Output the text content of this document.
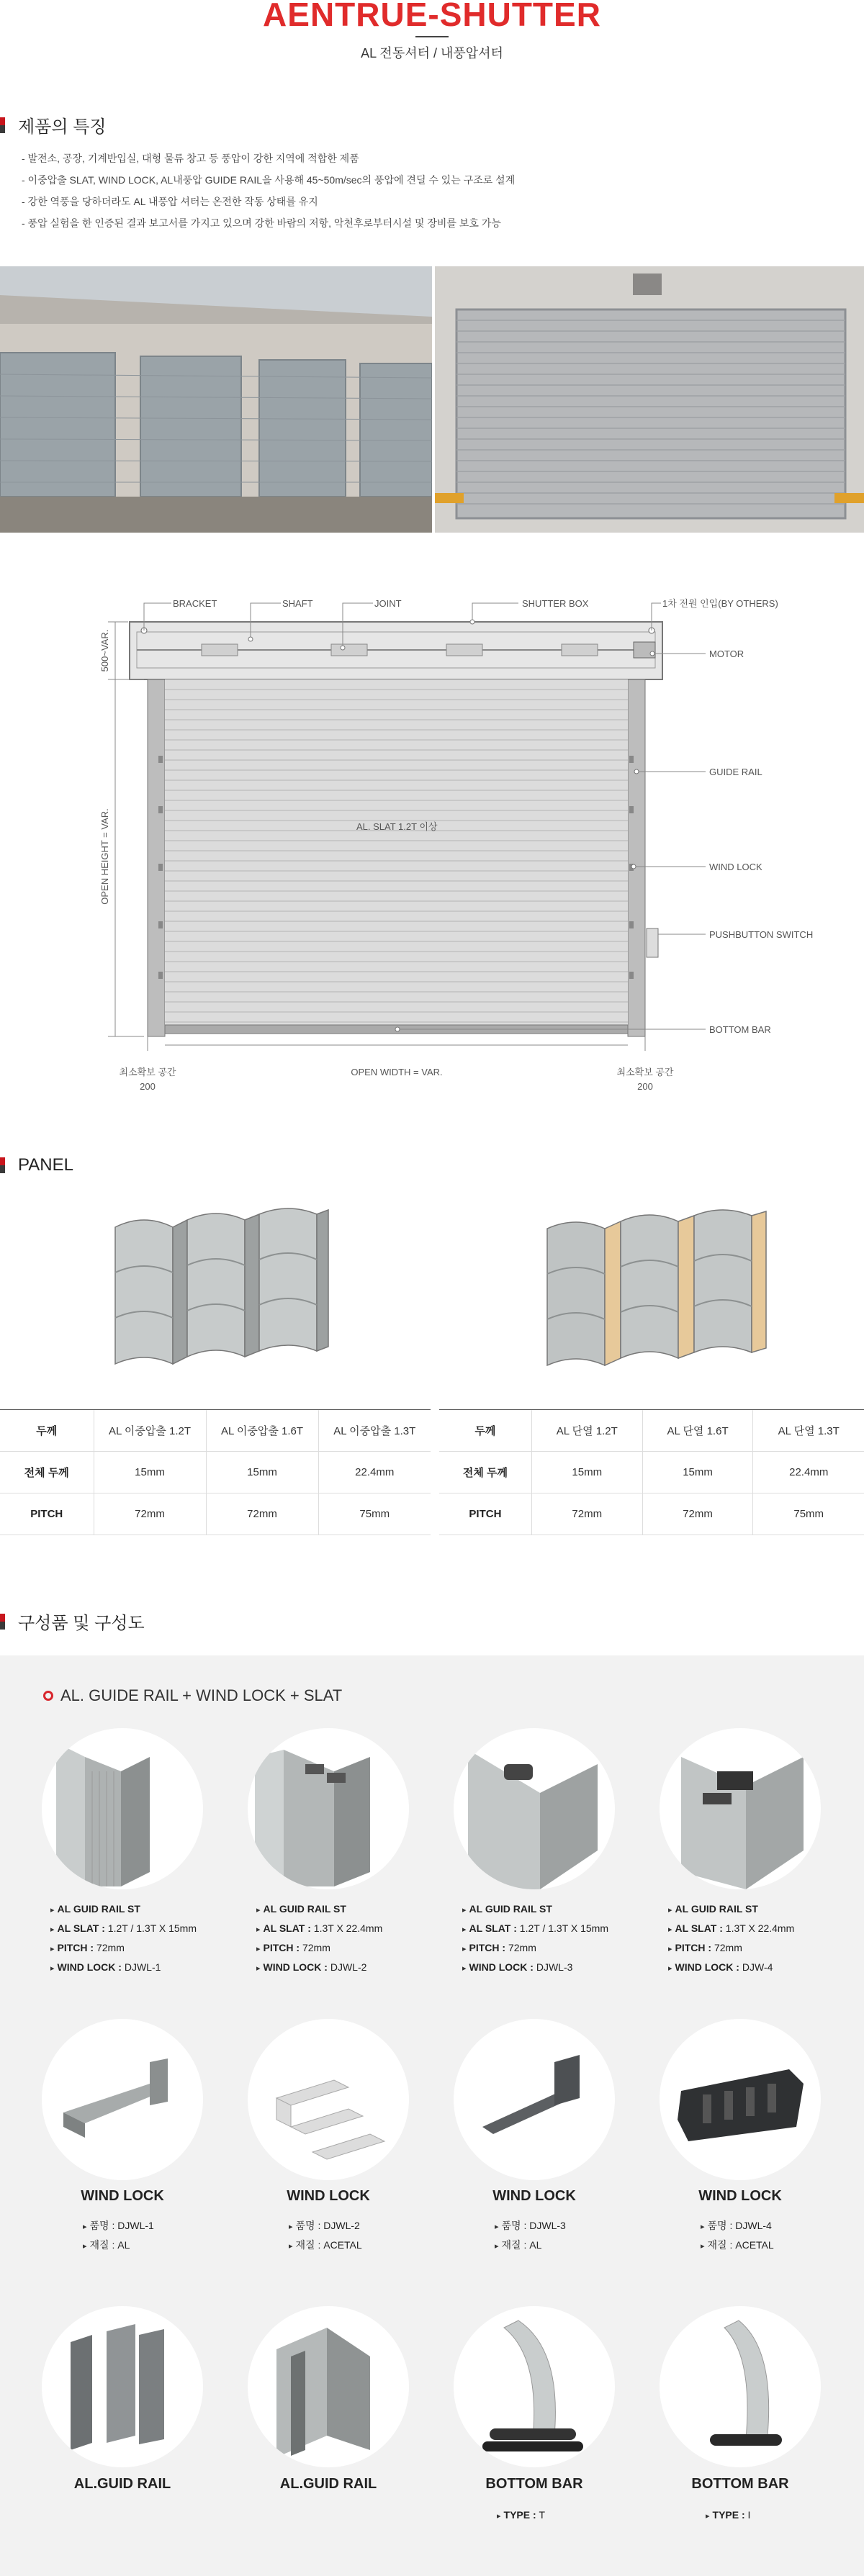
AENTRUE-SHUTTER
AL 전동셔터 / 내풍압셔터
제품의 특징
- 발전소, 공장, 기계반입실, 대형 물류 창고 등 풍압이 강한 지역에 적합한 제품
- 이중압출 SLAT, WIND LOCK, AL내풍압 GUIDE RAIL을 사용해 45~50m/sec의 풍압에 견딜 수 있는 구조로 설계
- 강한 역풍을 당하더라도 AL 내풍압 셔터는 온전한 작동 상태를 유지
- 풍압 실험을 한 인증된 결과 보고서를 가지고 있으며 강한 바람의 저항, 악천후로부터시설 및 장비를 보호 가능
BRACKET	SHAFT	JOINT	SHUTTER BOX	1차 전원 인입(BY OTHERS)
MOTOR
GUIDE RAIL
WIND LOCK
PUSHBUTTON SWITCH
BOTTOM BAR
AL. SLAT 1.2T 이상
500~VAR.
OPEN HEIGHT = VAR.
OPEN WIDTH = VAR.
최소확보 공간
200
최소확보 공간
200
PANEL
두께	AL 이중압출 1.2T	AL 이중압출 1.6T	AL 이중압출 1.3T
전체 두께	15mm	15mm	22.4mm
PITCH	72mm	72mm	75mm
두께	AL 단열 1.2T	AL 단열 1.6T	AL 단열 1.3T
전체 두께	15mm	15mm	22.4mm
PITCH	72mm	72mm	75mm
구성품 및 구성도
AL. GUIDE RAIL + WIND LOCK + SLAT
▸ AL GUID RAIL ST
▸ AL SLAT : 1.2T / 1.3T X 15mm
▸ PITCH : 72mm
▸ WIND LOCK : DJWL-1
▸ AL GUID RAIL ST
▸ AL SLAT : 1.3T X 22.4mm
▸ PITCH : 72mm
▸ WIND LOCK : DJWL-2
▸ AL GUID RAIL ST
▸ AL SLAT : 1.2T / 1.3T X 15mm
▸ PITCH : 72mm
▸ WIND LOCK : DJWL-3
▸ AL GUID RAIL ST
▸ AL SLAT : 1.3T X 22.4mm
▸ PITCH : 72mm
▸ WIND LOCK : DJW-4
WIND LOCK	WIND LOCK	WIND LOCK	WIND LOCK
▸ 품명 : DJWL-1
▸ 재질 : AL
▸ 품명 : DJWL-2
▸ 재질 : ACETAL
▸ 품명 : DJWL-3
▸ 재질 : AL
▸ 품명 : DJWL-4
▸ 재질 : ACETAL
AL.GUID RAIL	AL.GUID RAIL	BOTTOM BAR	BOTTOM BAR
▸ TYPE : T	▸ TYPE : I
